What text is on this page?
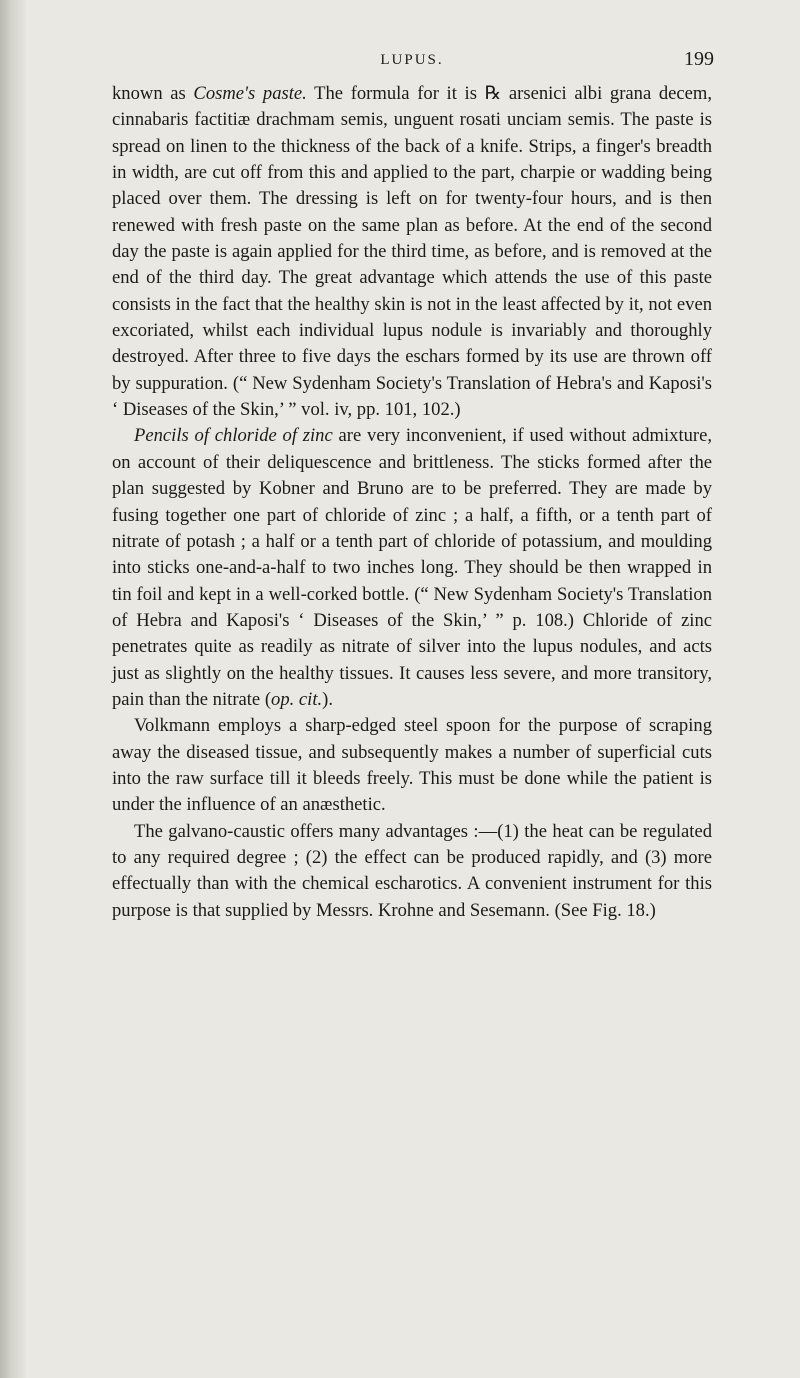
LUPUS.	199

known as Cosme's paste. The formula for it is ℞ arsenici albi grana decem, cinnabaris factitiæ drachmam semis, unguent rosati unciam semis. The paste is spread on linen to the thickness of the back of a knife. Strips, a finger's breadth in width, are cut off from this and applied to the part, charpie or wadding being placed over them. The dressing is left on for twenty-four hours, and is then renewed with fresh paste on the same plan as before. At the end of the second day the paste is again applied for the third time, as before, and is removed at the end of the third day. The great advantage which attends the use of this paste consists in the fact that the healthy skin is not in the least affected by it, not even excoriated, whilst each individual lupus nodule is invariably and thoroughly destroyed. After three to five days the eschars formed by its use are thrown off by suppuration. (“ New Sydenham Society's Translation of Hebra's and Kaposi's ‘ Diseases of the Skin,’ ” vol. iv, pp. 101, 102.)

Pencils of chloride of zinc are very inconvenient, if used without admixture, on account of their deliquescence and brittleness. The sticks formed after the plan suggested by Kobner and Bruno are to be preferred. They are made by fusing together one part of chloride of zinc ; a half, a fifth, or a tenth part of nitrate of potash ; a half or a tenth part of chloride of potassium, and moulding into sticks one-and-a-half to two inches long. They should be then wrapped in tin foil and kept in a well-corked bottle. (“ New Sydenham Society's Translation of Hebra and Kaposi's ‘ Diseases of the Skin,’ ” p. 108.) Chloride of zinc penetrates quite as readily as nitrate of silver into the lupus nodules, and acts just as slightly on the healthy tissues. It causes less severe, and more transitory, pain than the nitrate (op. cit.).

Volkmann employs a sharp-edged steel spoon for the purpose of scraping away the diseased tissue, and subsequently makes a number of superficial cuts into the raw surface till it bleeds freely. This must be done while the patient is under the influence of an anæsthetic.

The galvano-caustic offers many advantages :—(1) the heat can be regulated to any required degree ; (2) the effect can be produced rapidly, and (3) more effectually than with the chemical escharotics. A convenient instrument for this purpose is that supplied by Messrs. Krohne and Sesemann. (See Fig. 18.)
